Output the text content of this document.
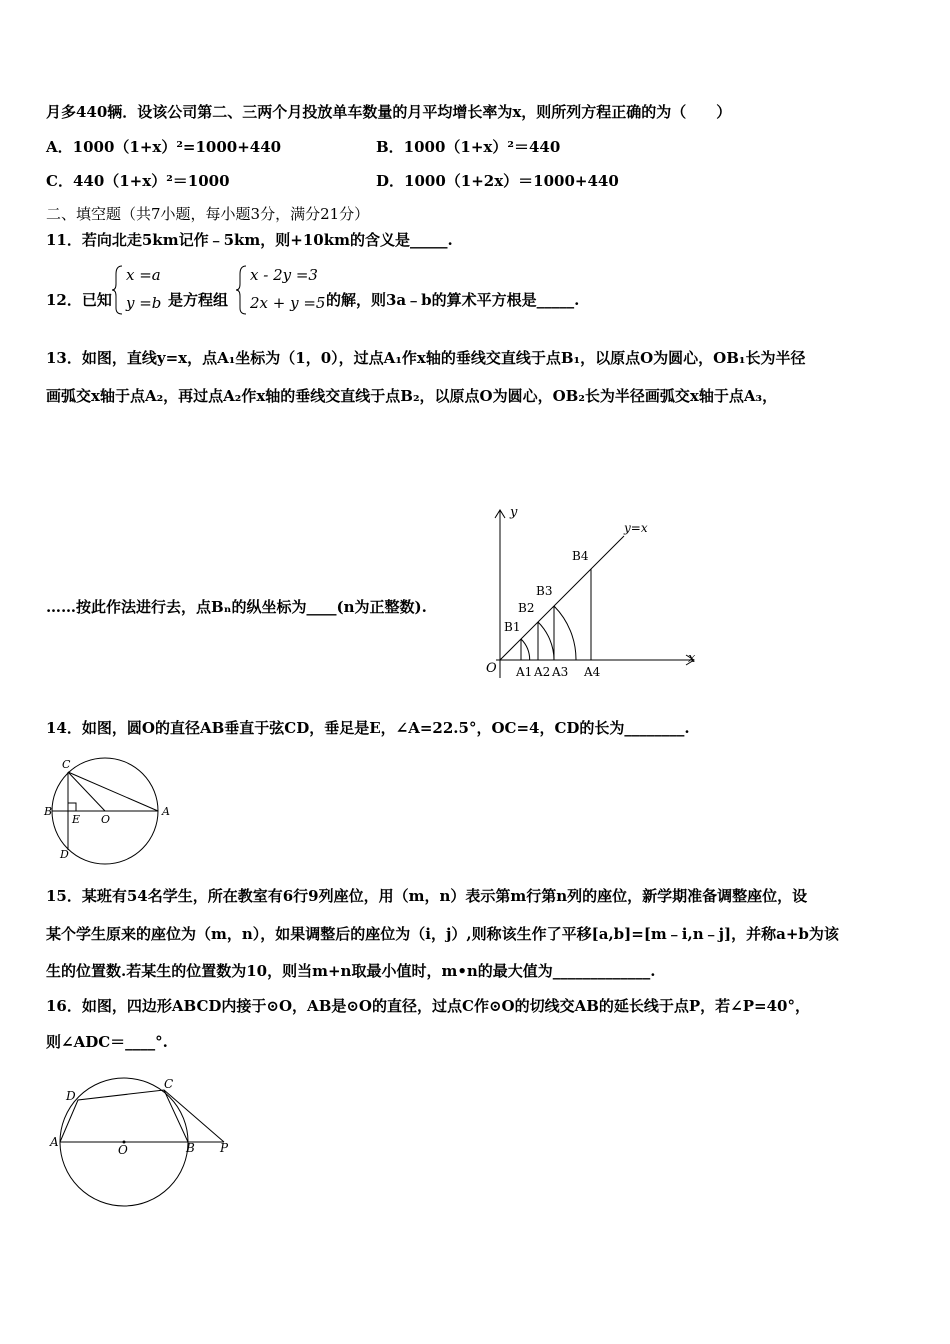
月多440辆．设该公司第二、三两个月投放单车数量的月平均增长率为x，则所列方程正确的为（　　）
A．1000（1+x）²=1000+440	B．1000（1+x）²＝440
C．440（1+x）²＝1000	D．1000（1+2x）＝1000+440
二、填空题（共7小题，每小题3分，满分21分）
11．若向北走5km记作﹣5km，则+10km的含义是_____.
12．已知
x =a
y =b 是方程组
x - 2y =3
2x + y =5 的解，则3a﹣b的算术平方根是_____.
13．如图，直线y=x，点A₁坐标为（1，0），过点A₁作x轴的垂线交直线于点B₁，以原点O为圆心，OB₁长为半径
画弧交x轴于点A₂，再过点A₂作x轴的垂线交直线于点B₂，以原点O为圆心，OB₂长为半径画弧交x轴于点A₃，
……按此作法进行去，点Bₙ的纵坐标为____(n为正整数).
y
x
y=x
O
B1
B2
B3
B4
A1 A2 A3 A4
14．如图，圆O的直径AB垂直于弦CD，垂足是E，∠A=22.5°，OC=4，CD的长为________.
C
B
E O
A
D
15．某班有54名学生，所在教室有6行9列座位，用（m，n）表示第m行第n列的座位，新学期准备调整座位，设
某个学生原来的座位为（m，n），如果调整后的座位为（i，j）,则称该生作了平移[a,b]=[m﹣i,n﹣j]，并称a+b为该
生的位置数.若某生的位置数为10，则当m+n取最小值时，m•n的最大值为_____________.
16．如图，四边形ABCD内接于⊙O，AB是⊙O的直径，过点C作⊙O的切线交AB的延长线于点P，若∠P=40°，
则∠ADC＝____°.
D
C
A
O	B P
